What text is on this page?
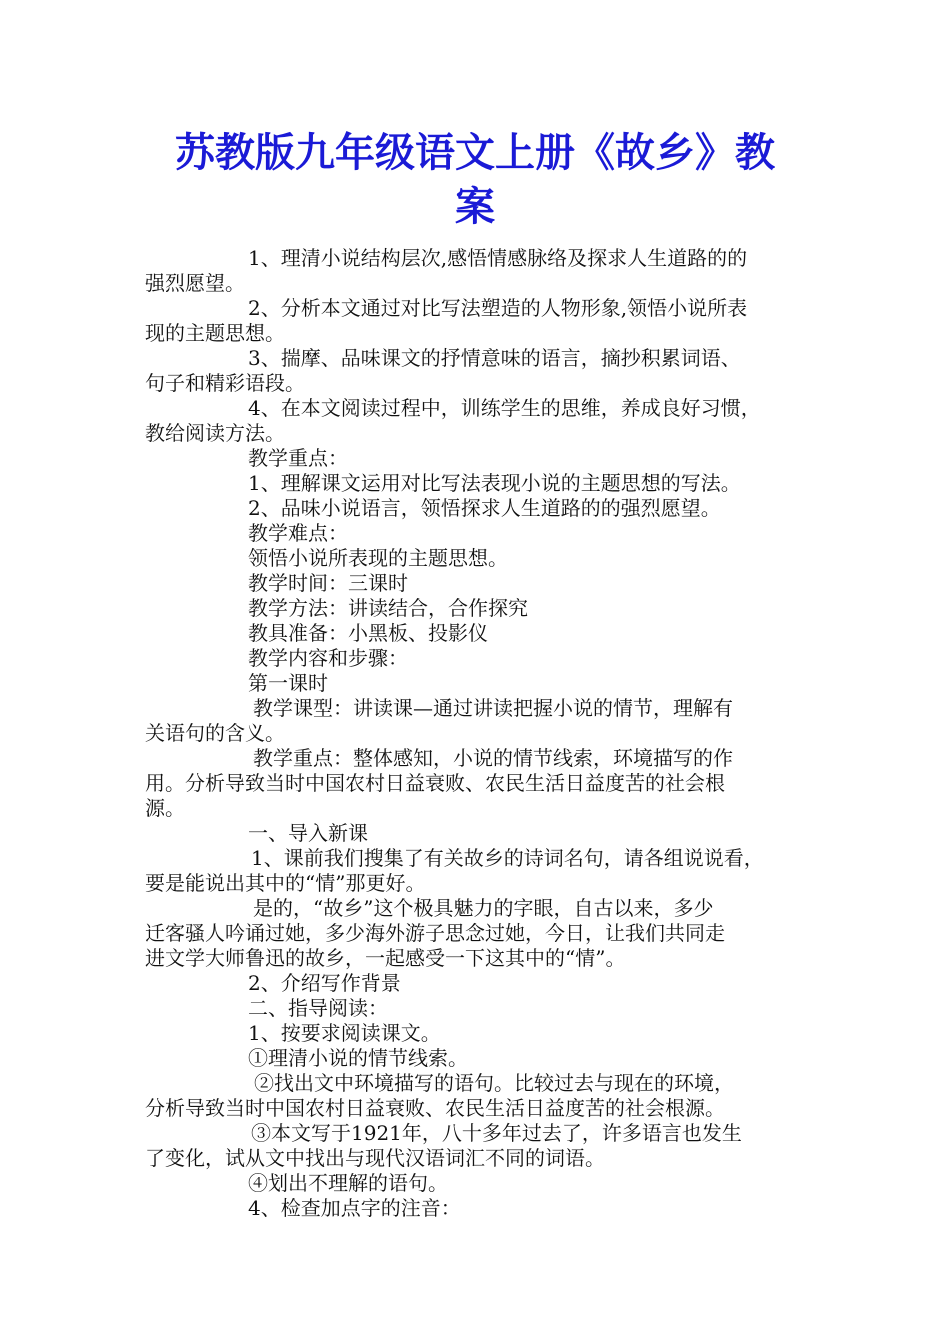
苏教版九年级语文上册《故乡》教
案
1、理清小说结构层次,感悟情感脉络及探求人生道路的的
强烈愿望。
2、分析本文通过对比写法塑造的人物形象,领悟小说所表
现的主题思想。
3、揣摩、品味课文的抒情意味的语言，摘抄积累词语、
句子和精彩语段。
4、在本文阅读过程中，训练学生的思维，养成良好习惯，
教给阅读方法。
教学重点：
1、理解课文运用对比写法表现小说的主题思想的写法。
2、品味小说语言，领悟探求人生道路的的强烈愿望。
教学难点：
领悟小说所表现的主题思想。
教学时间：三课时
教学方法：讲读结合，合作探究
教具准备：小黑板、投影仪
教学内容和步骤：
第一课时
教学课型：讲读课—通过讲读把握小说的情节，理解有
关语句的含义。
教学重点：整体感知，小说的情节线索，环境描写的作
用。分析导致当时中国农村日益衰败、农民生活日益度苦的社会根
源。
一、导入新课
1、课前我们搜集了有关故乡的诗词名句，请各组说说看，
要是能说出其中的“情”那更好。
是的，“故乡”这个极具魅力的字眼，自古以来，多少
迁客骚人吟诵过她，多少海外游子思念过她，今日，让我们共同走
进文学大师鲁迅的故乡，一起感受一下这其中的“情”。
2、介绍写作背景
二、指导阅读：
1、按要求阅读课文。
①理清小说的情节线索。
②找出文中环境描写的语句。比较过去与现在的环境，
分析导致当时中国农村日益衰败、农民生活日益度苦的社会根源。
③本文写于1921年，八十多年过去了，许多语言也发生
了变化，试从文中找出与现代汉语词汇不同的词语。
④划出不理解的语句。
4、检查加点字的注音：
